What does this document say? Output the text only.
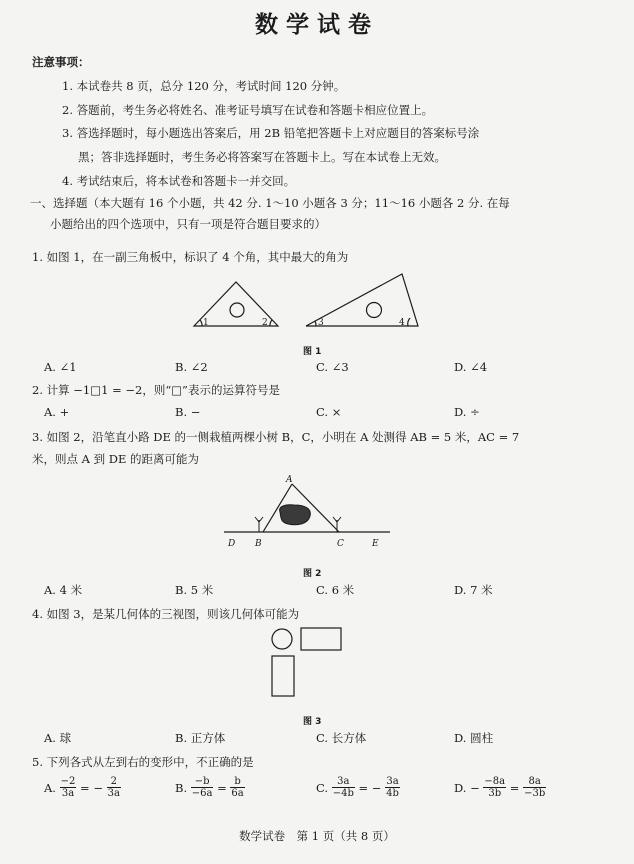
数学试卷
注意事项：
1. 本试卷共 8 页，总分 120 分，考试时间 120 分钟。
2. 答题前，考生务必将姓名、准考证号填写在试卷和答题卡相应位置上。
3. 答选择题时，每小题选出答案后，用 2B 铅笔把答题卡上对应题目的答案标号涂
黑；答非选择题时，考生务必将答案写在答题卡上。写在本试卷上无效。
4. 考试结束后，将本试卷和答题卡一并交回。
一、选择题（本大题有 16 个小题，共 42 分. 1～10 小题各 3 分；11～16 小题各 2 分. 在每
小题给出的四个选项中，只有一项是符合题目要求的）
1. 如图 1，在一副三角板中，标识了 4 个角，其中最大的角为
1	2	3	4
图 1
A. ∠1	B. ∠2	C. ∠3	D. ∠4
2. 计算 −1□1 = −2，则“□”表示的运算符号是
A. +	B. −	C. ×	D. ÷
3. 如图 2，沿笔直小路 DE 的一侧栽植两棵小树 B，C，小明在 A 处测得 AB = 5 米，AC = 7
米，则点 A 到 DE 的距离可能为
A
D B	C	E
图 2
A. 4 米	B. 5 米	C. 6 米	D. 7 米
4. 如图 3，是某几何体的三视图，则该几何体可能为
图 3
A. 球	B. 正方体	C. 长方体	D. 圆柱
5. 下列各式从左到右的变形中，不正确的是
A. $\frac{-2}{3a}$ = − $\frac{2}{3a}$	B. $\frac{-b}{-6a} = \frac{b}{6a}$	C. $\frac{3a}{-4b}$ = − $\frac{3a}{4b}$	D. − $\frac{-8a}{3b} = \frac{8a}{-3b}$
数学试卷　第 1 页（共 8 页）
